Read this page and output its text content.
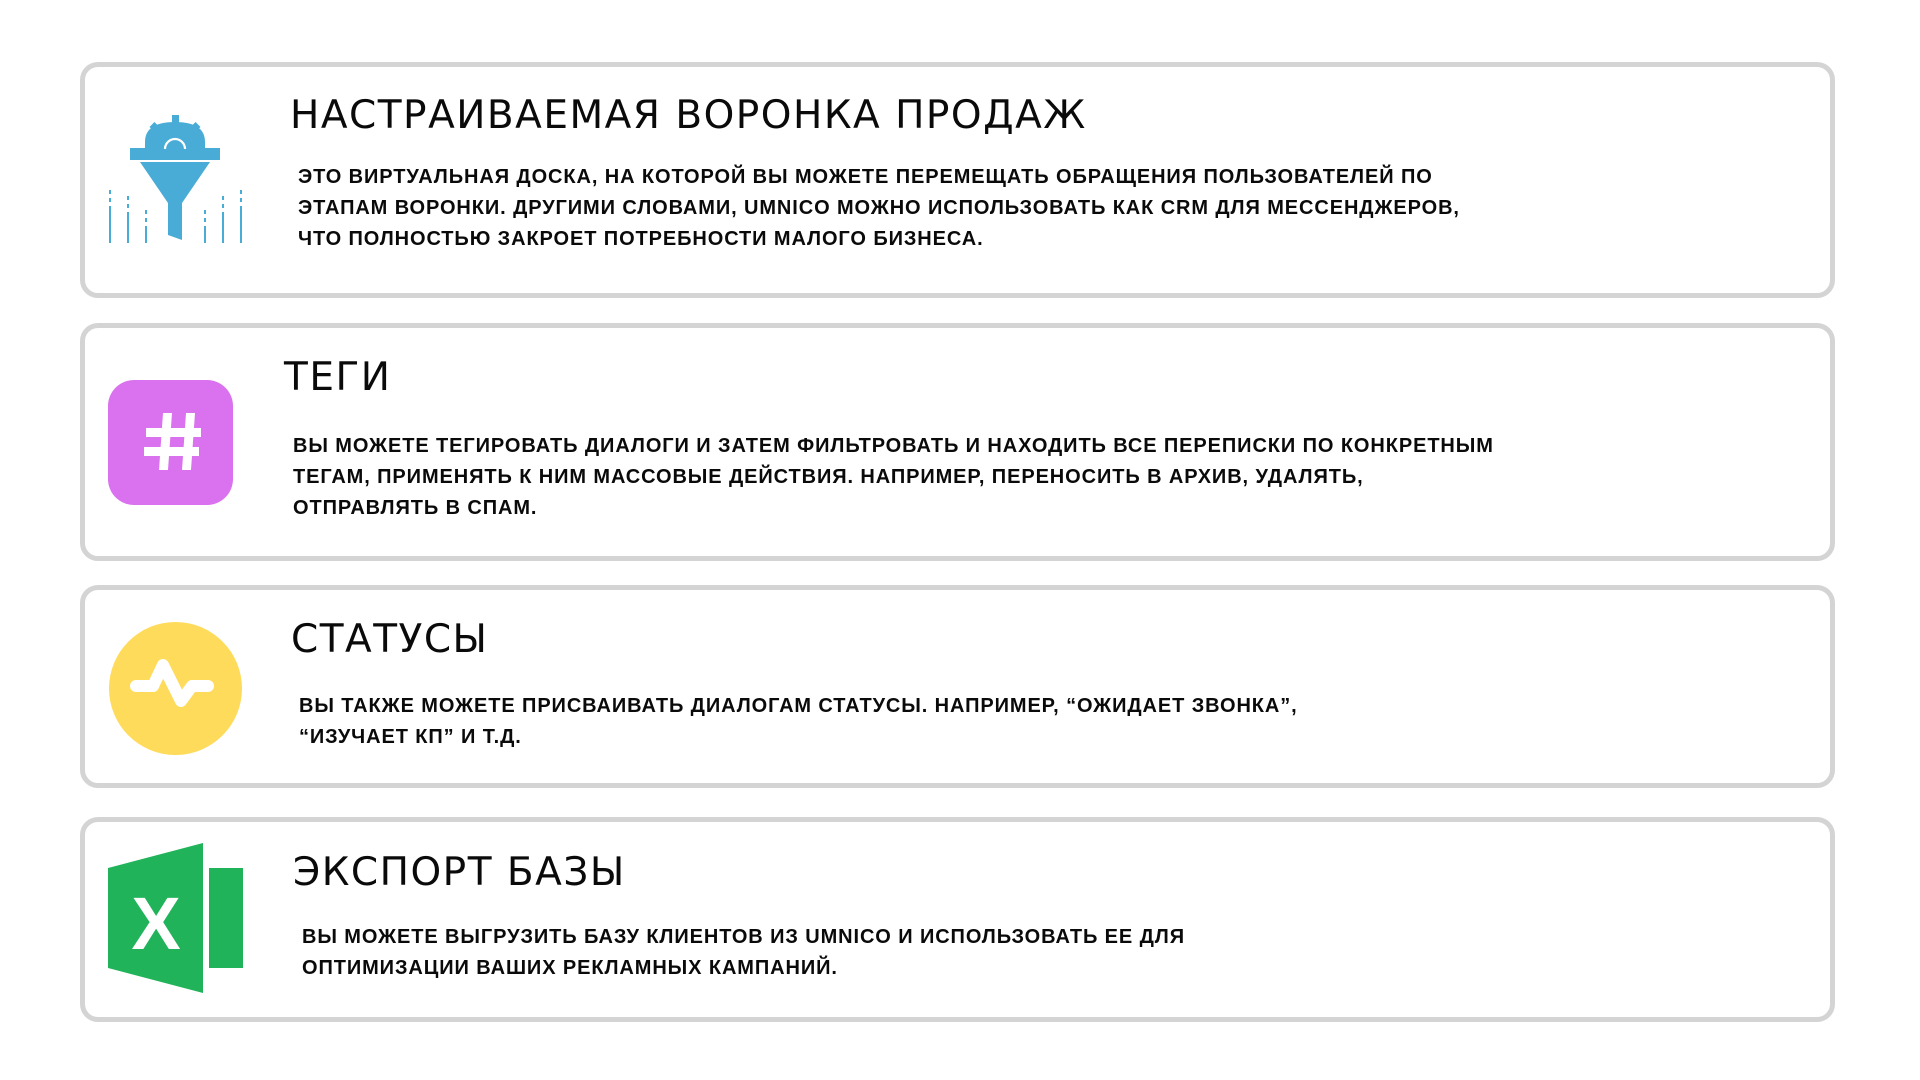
НАСТРАИВАЕМАЯ ВОРОНКА ПРОДАЖ

ЭТО ВИРТУАЛЬНАЯ ДОСКА, НА КОТОРОЙ ВЫ МОЖЕТЕ ПЕРЕМЕЩАТЬ ОБРАЩЕНИЯ ПОЛЬЗОВАТЕЛЕЙ ПО
ЭТАПАМ ВОРОНКИ. ДРУГИМИ СЛОВАМИ, UMNICO МОЖНО ИСПОЛЬЗОВАТЬ КАК CRM ДЛЯ МЕССЕНДЖЕРОВ,
ЧТО ПОЛНОСТЬЮ ЗАКРОЕТ ПОТРЕБНОСТИ МАЛОГО БИЗНЕСА.

ТЕГИ

ВЫ МОЖЕТЕ ТЕГИРОВАТЬ ДИАЛОГИ И ЗАТЕМ ФИЛЬТРОВАТЬ И НАХОДИТЬ ВСЕ ПЕРЕПИСКИ ПО КОНКРЕТНЫМ
ТЕГАМ, ПРИМЕНЯТЬ К НИМ МАССОВЫЕ ДЕЙСТВИЯ. НАПРИМЕР, ПЕРЕНОСИТЬ В АРХИВ, УДАЛЯТЬ,
ОТПРАВЛЯТЬ В СПАМ.

СТАТУСЫ

ВЫ ТАКЖЕ МОЖЕТЕ ПРИСВАИВАТЬ ДИАЛОГАМ СТАТУСЫ. НАПРИМЕР, “ОЖИДАЕТ ЗВОНКА”,
“ИЗУЧАЕТ КП” И Т.Д.

X
ЭКСПОРТ БАЗЫ

ВЫ МОЖЕТЕ ВЫГРУЗИТЬ БАЗУ КЛИЕНТОВ ИЗ UMNICO И ИСПОЛЬЗОВАТЬ ЕЕ ДЛЯ
ОПТИМИЗАЦИИ ВАШИХ РЕКЛАМНЫХ КАМПАНИЙ.
